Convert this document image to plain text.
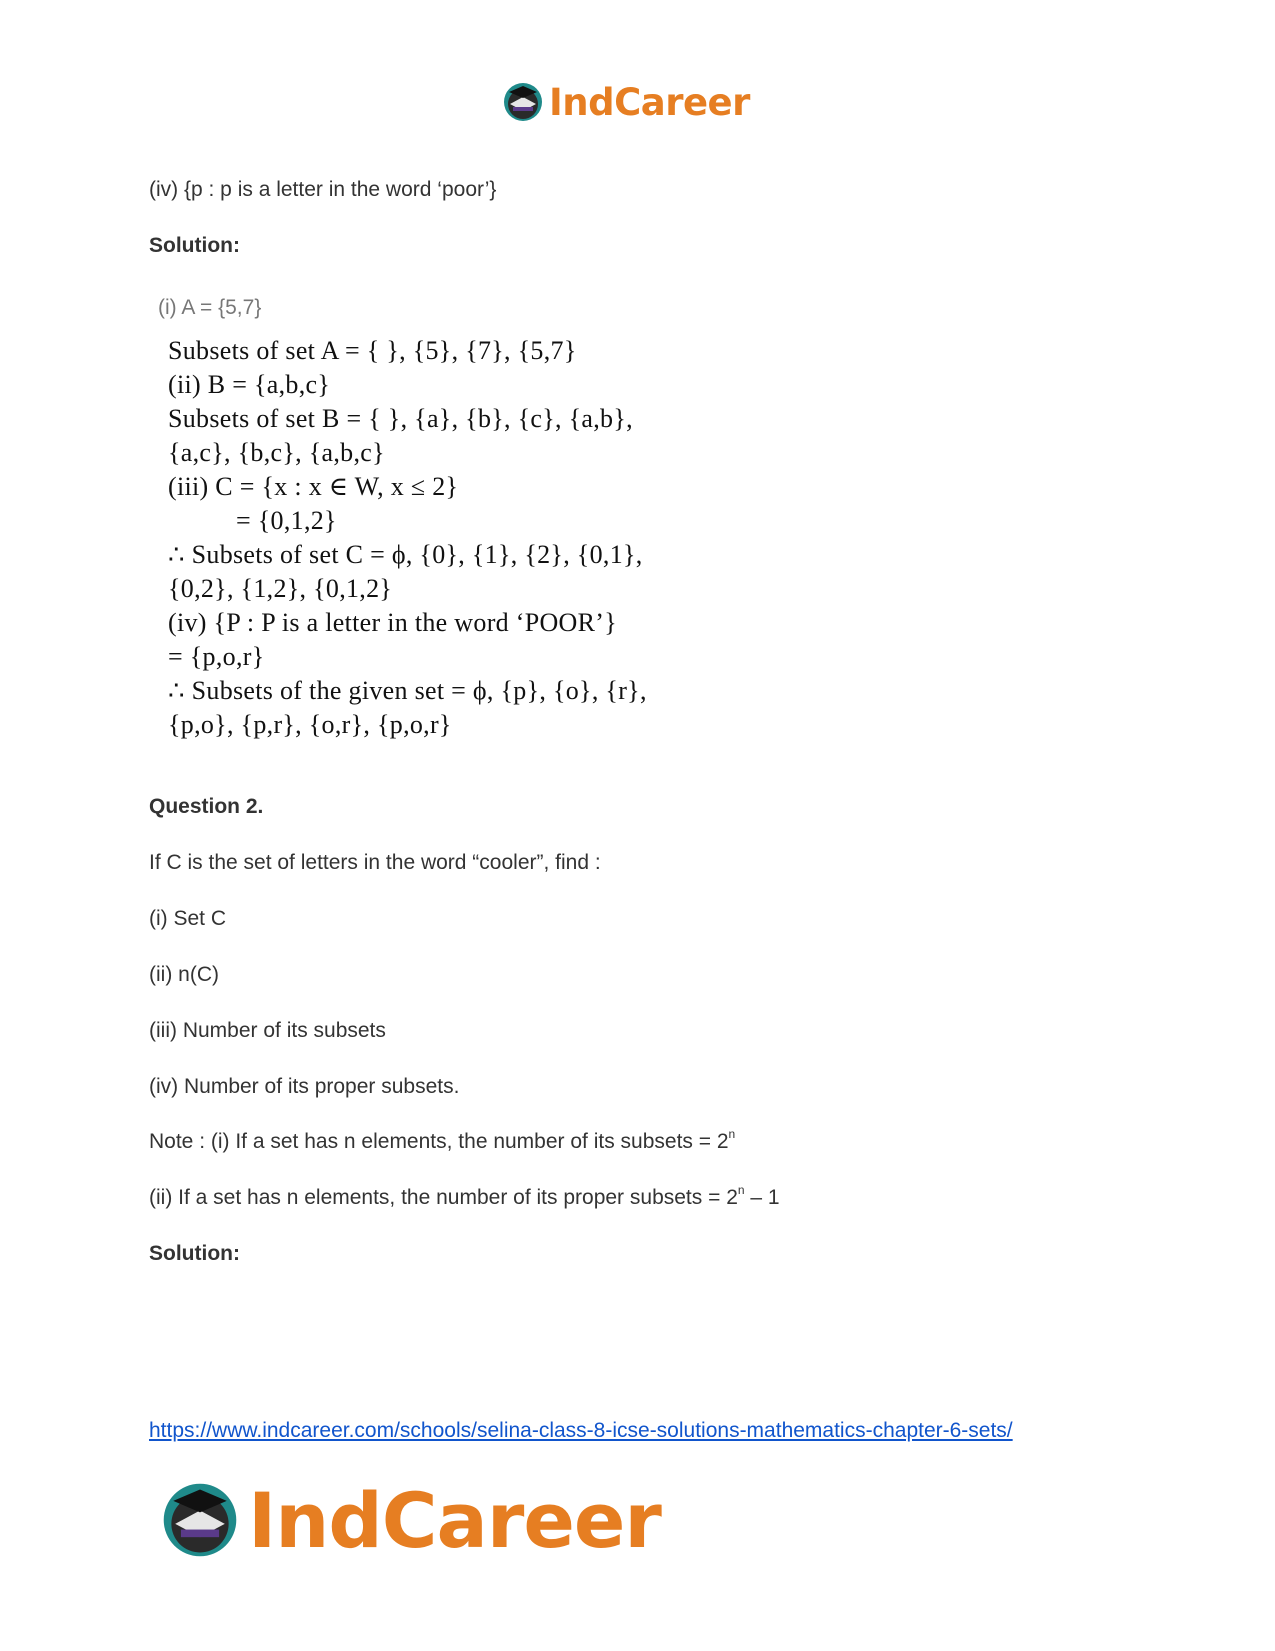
IndCareer
(iv) {p : p is a letter in the word ‘poor’}
Solution:
(i) A = {5,7}
Subsets of set A = { }, {5}, {7}, {5,7}
(ii) B = {a,b,c}
Subsets of set B = { }, {a}, {b}, {c}, {a,b},
{a,c}, {b,c}, {a,b,c}
(iii) C = {x : x ∈ W, x ≤ 2}
= {0,1,2}
∴ Subsets of set C = ϕ, {0}, {1}, {2}, {0,1},
{0,2}, {1,2}, {0,1,2}
(iv) {P : P is a letter in the word ‘POOR’}
= {p,o,r}
∴ Subsets of the given set = ϕ, {p}, {o}, {r},
{p,o}, {p,r}, {o,r}, {p,o,r}
Question 2.
If C is the set of letters in the word “cooler”, find :
(i) Set C
(ii) n(C)
(iii) Number of its subsets
(iv) Number of its proper subsets.
Note : (i) If a set has n elements, the number of its subsets = $2^n$
(ii) If a set has n elements, the number of its proper subsets = $2^n - 1$
Solution:
https://www.indcareer.com/schools/selina-class-8-icse-solutions-mathematics-chapter-6-sets/
IndCareer
